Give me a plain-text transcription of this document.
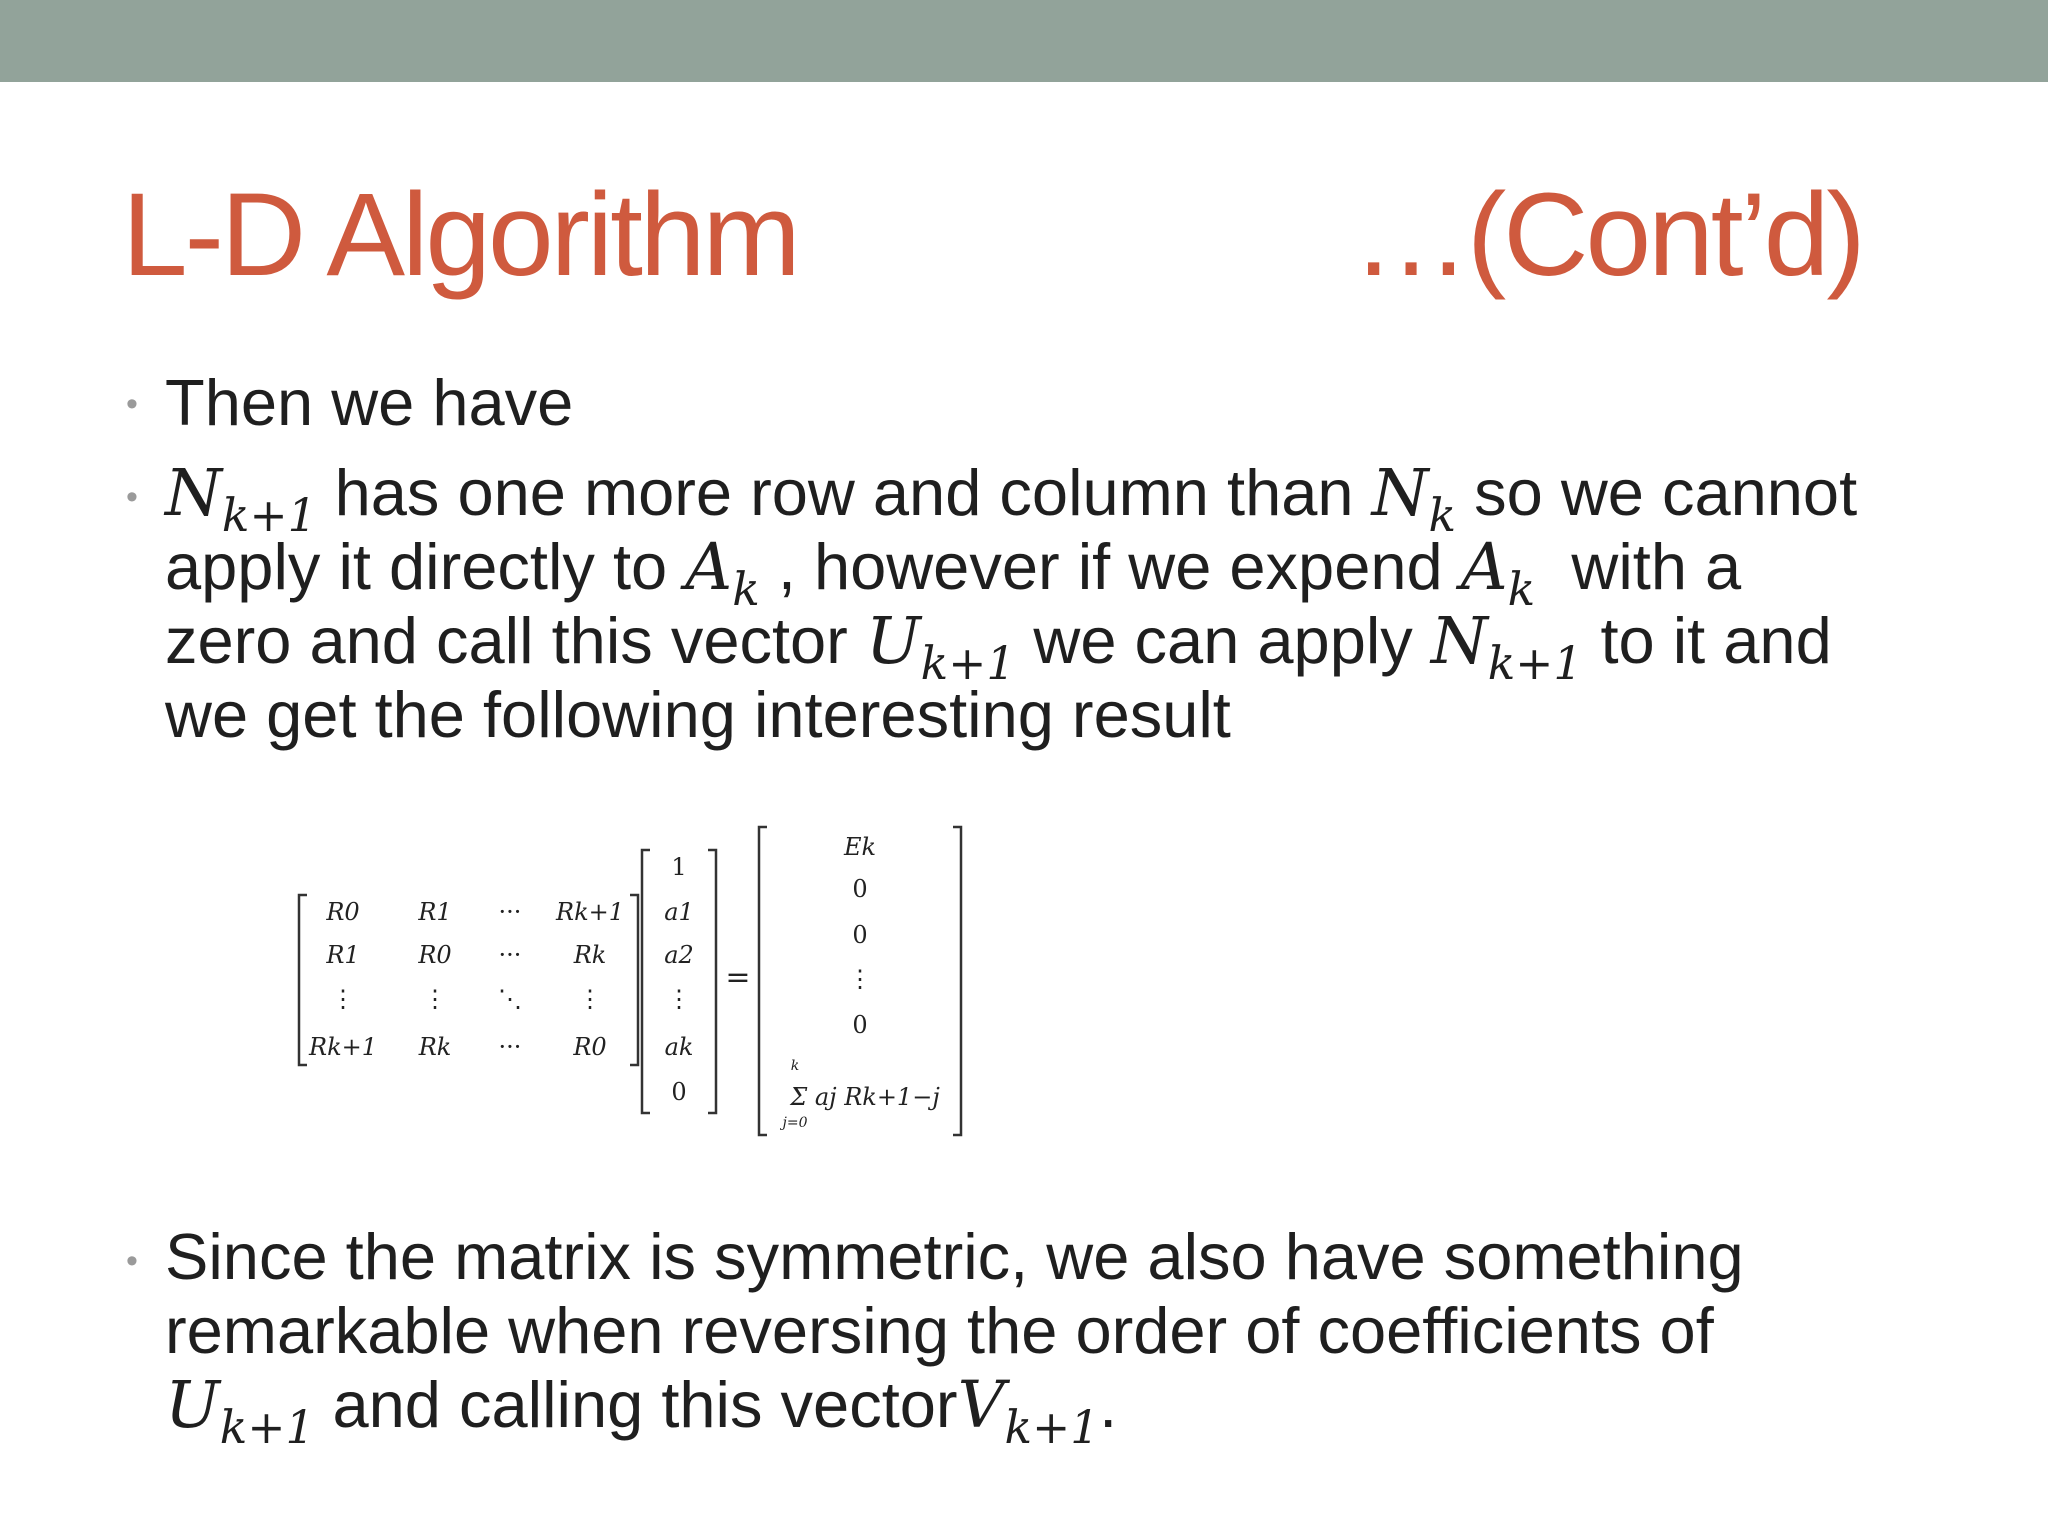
L-D Algorithm	…(Cont’d)
• Then we have
• $N_{k+1}$ has one more row and column than $N_k$ so we cannot
apply it directly to $A_k$ , however if we expend $A_k$ with a
zero and call this vector $U_{k+1}$ we can apply $N_{k+1}$ to it and
we get the following interesting result
R0 R1 ··· Rk+1
R1 R0 ··· Rk
⋮	⋮ ⋱ ⋮
Rk+1 Rk ··· R0
1
a1
a2
⋮
ak
0
=
Ek
0
0
⋮
0
Σ aj Rk+1−j
k
j=0
• Since the matrix is symmetric, we also have something
remarkable when reversing the order of coefficients of
$U_{k+1}$ and calling this vectorV$_{k+1}$.
